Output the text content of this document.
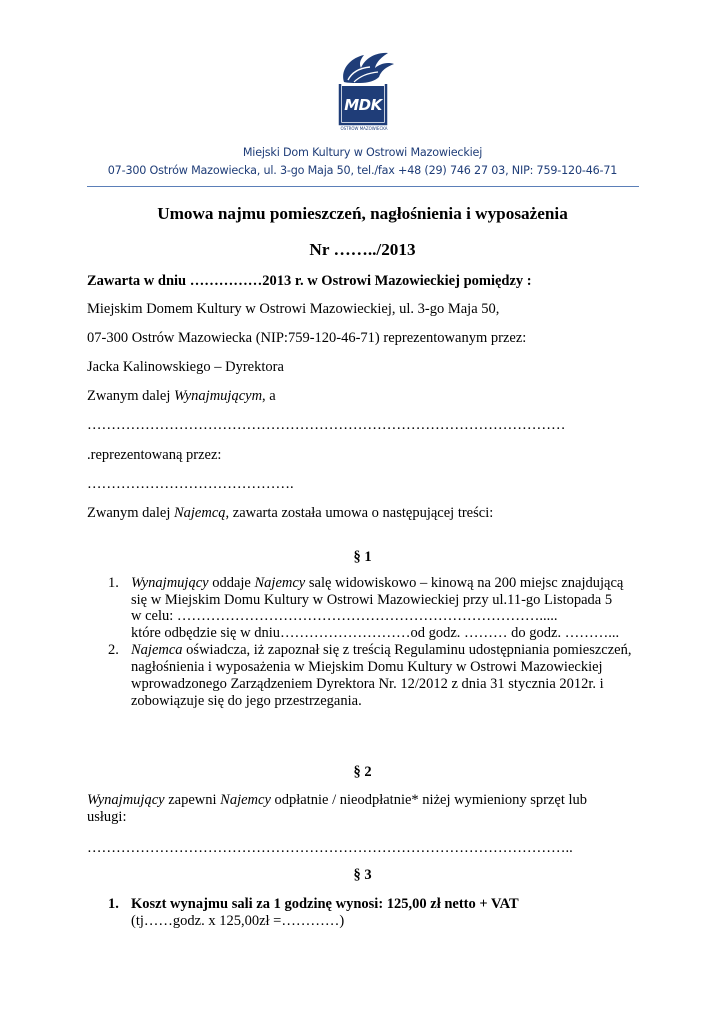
MDK
OSTRÓW MAZOWIECKA
Miejski Dom Kultury w Ostrowi Mazowieckiej
07-300 Ostrów Mazowiecka, ul. 3-go Maja 50, tel./fax +48 (29) 746 27 03, NIP: 759-120-46-71
Umowa najmu pomieszczeń, nagłośnienia i wyposażenia
Nr ……../2013
Zawarta w dniu ……………2013 r. w Ostrowi Mazowieckiej pomiędzy :
Miejskim Domem Kultury w Ostrowi Mazowieckiej, ul. 3-go Maja 50,
07-300 Ostrów Mazowiecka (NIP:759-120-46-71) reprezentowanym przez:
Jacka Kalinowskiego – Dyrektora
Zwanym dalej Wynajmującym, a
………………………………………………………………………………………
.reprezentowaną przez:
…………………………………….
Zwanym dalej Najemcą, zawarta została umowa o następującej treści:
§ 1
1. Wynajmujący oddaje Najemcy salę widowiskowo – kinową na 200 miejsc znajdującą
się w Miejskim Domu Kultury w Ostrowi Mazowieckiej przy ul.11-go Listopada 5
w celu: ………………………………………………………………….....
które odbędzie się w dniu………………………od godz. ……… do godz. ………...
2. Najemca oświadcza, iż zapoznał się z treścią Regulaminu udostępniania pomieszczeń,
nagłośnienia i wyposażenia w Miejskim Domu Kultury w Ostrowi Mazowieckiej
wprowadzonego Zarządzeniem Dyrektora Nr. 12/2012 z dnia 31 stycznia 2012r. i
zobowiązuje się do jego przestrzegania.
§ 2
Wynajmujący zapewni Najemcy odpłatnie / nieodpłatnie* niżej wymieniony sprzęt lub
usługi:
………………………………………………………………………………………..
§ 3
1. Koszt wynajmu sali za 1 godzinę wynosi: 125,00 zł netto + VAT
(tj……godz. x 125,00zł =…………)
